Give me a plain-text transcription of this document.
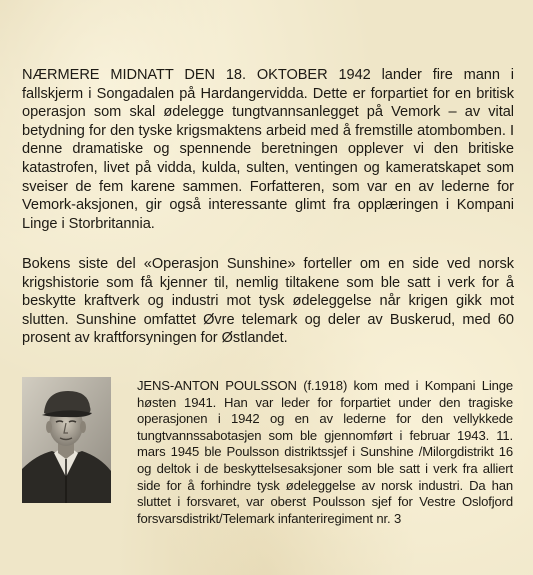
NÆRMERE MIDNATT DEN 18. OKTOBER 1942 lander fire mann i fallskjerm i Songadalen på Hardangervidda. Dette er forpartiet for en britisk operasjon som skal ødelegge tungtvannsanlegget på Vemork – av vital betydning for den tyske krigsmaktens arbeid med å fremstille atombomben. I denne dramatiske og spennende beretningen opplever vi den britiske katastrofen, livet på vidda, kulda, sulten, ventingen og kameratskapet som sveiser de fem karene sammen. Forfatteren, som var en av lederne for Vemork-aksjonen, gir også interessante glimt fra opplæringen i Kompani Linge i Storbritannia.

Bokens siste del «Operasjon Sunshine» forteller om en side ved norsk krigshistorie som få kjenner til, nemlig tiltakene som ble satt i verk for å beskytte kraftverk og industri mot tysk ødeleggelse når krigen gikk mot slutten. Sunshine omfattet Øvre telemark og deler av Buskerud, med 60 prosent av kraftforsyningen for Østlandet.

JENS-ANTON POULSSON (f.1918) kom med i Kompani Linge høsten 1941. Han var leder for forpartiet under den tragiske operasjonen i 1942 og en av lederne for den vellykkede tungtvannssabotasjen som ble gjennomført i februar 1943. 11. mars 1945 ble Poulsson distriktssjef i Sunshine /Milorgdistrikt 16 og deltok i de beskyttelsesaksjoner som ble satt i verk fra alliert side for å forhindre tysk ødeleggelse av norsk industri. Da han sluttet i forsvaret, var oberst Poulsson sjef for Vestre Oslofjord forsvarsdistrikt/Telemark infanteriregiment nr. 3
